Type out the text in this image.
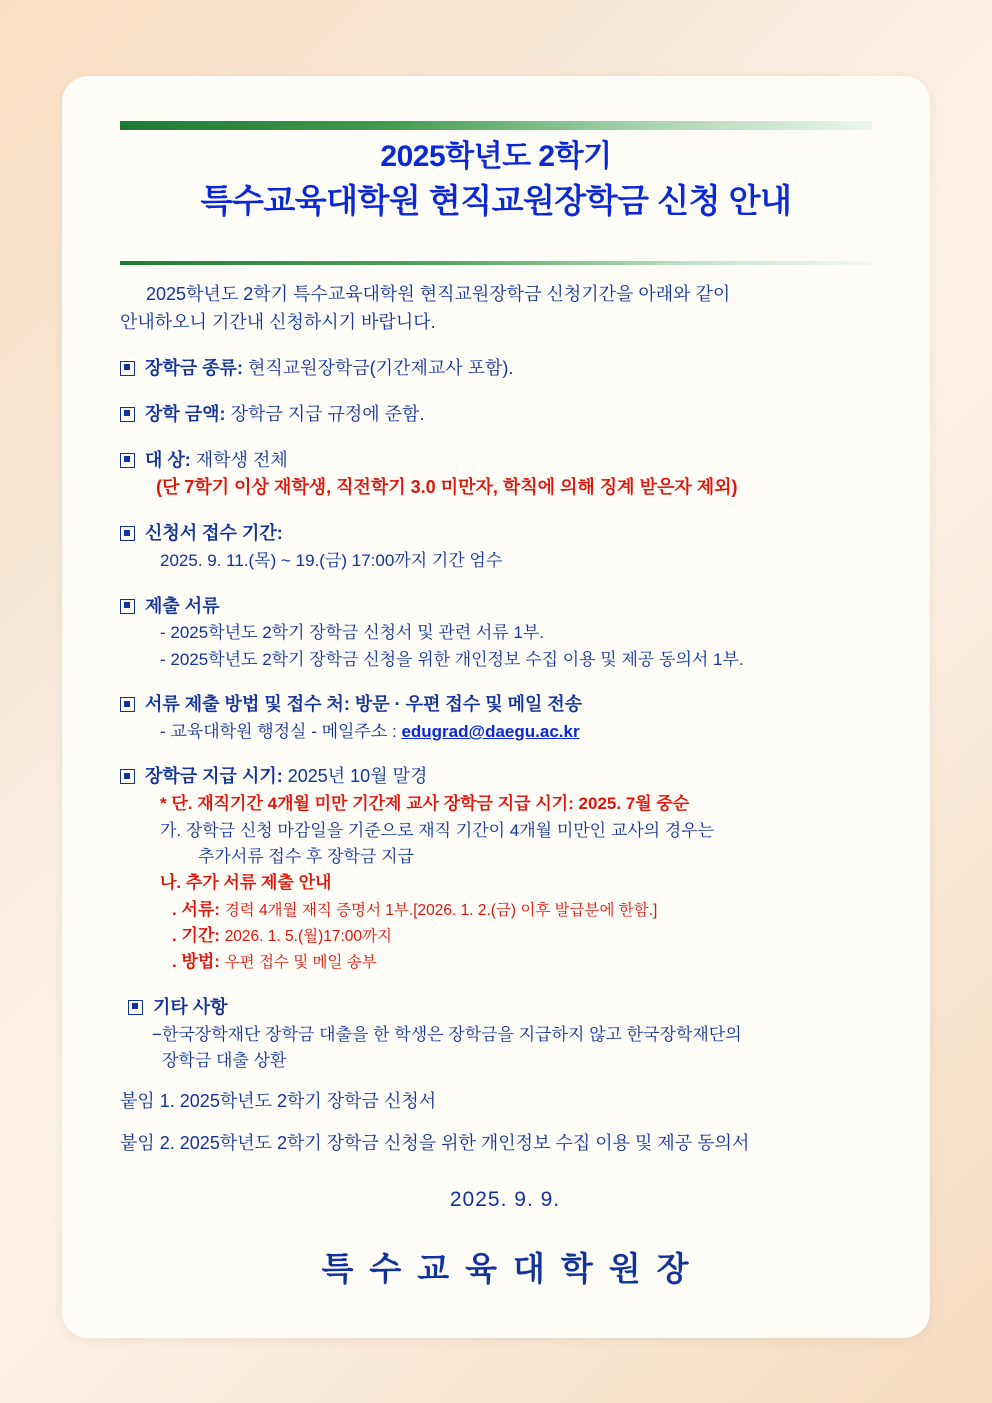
2025학년도 2학기
특수교육대학원 현직교원장학금 신청 안내

2025학년도 2학기 특수교육대학원 현직교원장학금 신청기간을 아래와 같이
안내하오니 기간내 신청하시기 바랍니다.

장학금 종류: 현직교원장학금(기간제교사 포함).
장학 금액: 장학금 지급 규정에 준함.
대 상: 재학생 전체
(단 7학기 이상 재학생, 직전학기 3.0 미만자, 학칙에 의해 징계 받은자 제외)
신청서 접수 기간:
2025. 9. 11.(목) ~ 19.(금) 17:00까지 기간 엄수
제출 서류
- 2025학년도 2학기 장학금 신청서 및 관련 서류 1부.
- 2025학년도 2학기 장학금 신청을 위한 개인정보 수집 이용 및 제공 동의서 1부.
서류 제출 방법 및 접수 처: 방문 · 우편 접수 및 메일 전송
- 교육대학원 행정실 - 메일주소 : edugrad@daegu.ac.kr
장학금 지급 시기: 2025년 10월 말경
* 단. 재직기간 4개월 미만 기간제 교사 장학금 지급 시기: 2025. 7월 중순
가. 장학금 신청 마감일을 기준으로 재직 기간이 4개월 미만인 교사의 경우는
추가서류 접수 후 장학금 지급
나. 추가 서류 제출 안내
. 서류: 경력 4개월 재직 증명서 1부.[2026. 1. 2.(금) 이후 발급분에 한함.]
. 기간: 2026. 1. 5.(월)17:00까지
. 방법: 우편 접수 및 메일 송부
기타 사항
−한국장학재단 장학금 대출을 한 학생은 장학금을 지급하지 않고 한국장학재단의
장학금 대출 상환
붙임 1. 2025학년도 2학기 장학금 신청서
붙임 2. 2025학년도 2학기 장학금 신청을 위한 개인정보 수집 이용 및 제공 동의서
2025. 9. 9.
특수교육대학원장
